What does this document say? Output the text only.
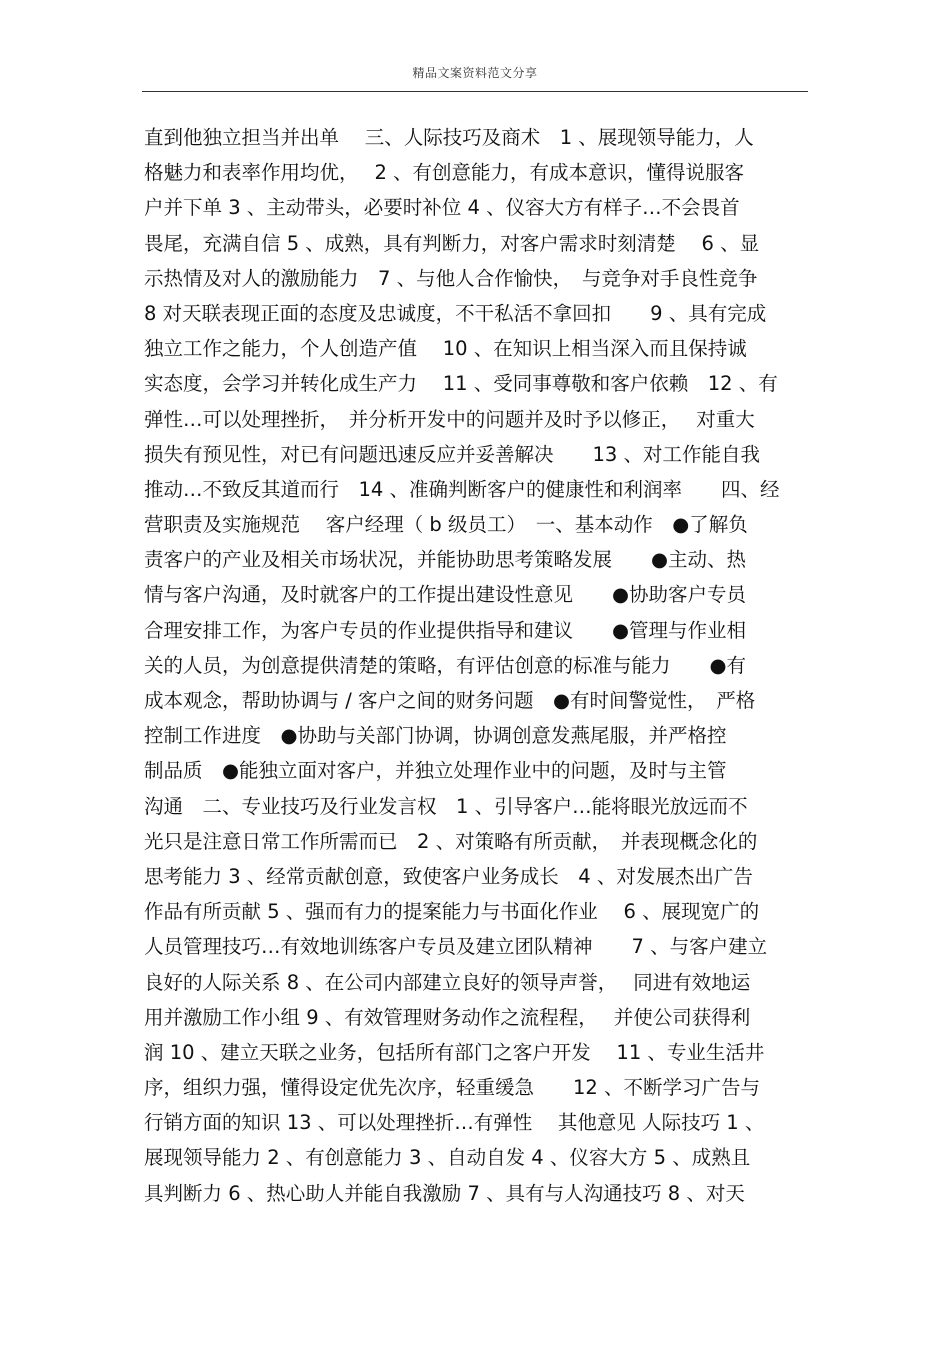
精品文案资料范文分享
直到他独立担当并出单　 三、人际技巧及商术　1 、展现领导能力，人
格魅力和表率作用均优，　 2 、有创意能力，有成本意识，懂得说服客
户并下单 3 、主动带头，必要时补位 4 、仪容大方有样子…不会畏首
畏尾，充满自信 5 、成熟，具有判断力，对客户需求时刻清楚　 6 、显
示热情及对人的激励能力　7 、与他人合作愉快，　与竞争对手良性竞争
8 对天联表现正面的态度及忠诚度，不干私活不拿回扣　　9 、具有完成
独立工作之能力，个人创造产值　 10 、在知识上相当深入而且保持诚
实态度，会学习并转化成生产力　 11 、受同事尊敬和客户依赖　12 、有
弹性…可以处理挫折，　并分析开发中的问题并及时予以修正，　 对重大
损失有预见性，对已有问题迅速反应并妥善解决　　13 、对工作能自我
推动…不致反其道而行　14 、准确判断客户的健康性和利润率　　四、经
营职责及实施规范　 客户经理（ b 级员工）　一、基本动作　●了解负
责客户的产业及相关市场状况，并能协助思考策略发展　　●主动、热
情与客户沟通，及时就客户的工作提出建设性意见　　●协助客户专员
合理安排工作，为客户专员的作业提供指导和建议　　●管理与作业相
关的人员，为创意提供清楚的策略，有评估创意的标准与能力　　●有
成本观念，帮助协调与 / 客户之间的财务问题　●有时间警觉性，　严格
控制工作进度　●协助与关部门协调，协调创意发燕尾服，并严格控
制品质　●能独立面对客户，并独立处理作业中的问题，及时与主管
沟通　二、专业技巧及行业发言权　1 、引导客户…能将眼光放远而不
光只是注意日常工作所需而已　2 、对策略有所贡献，　并表现概念化的
思考能力 3 、经常贡献创意，致使客户业务成长　4 、对发展杰出广告
作品有所贡献 5 、强而有力的提案能力与书面化作业　 6 、展现宽广的
人员管理技巧…有效地训练客户专员及建立团队精神　　7 、与客户建立
良好的人际关系 8 、在公司内部建立良好的领导声誉，　 同进有效地运
用并激励工作小组 9 、有效管理财务动作之流程程，　 并使公司获得利
润 10 、建立天联之业务，包括所有部门之客户开发　 11 、专业生活井
序，组织力强，懂得设定优先次序，轻重缓急　　12 、不断学习广告与
行销方面的知识 13 、可以处理挫折…有弹性　 其他意见 人际技巧 1 、
展现领导能力 2 、有创意能力 3 、自动自发 4 、仪容大方 5 、成熟且
具判断力 6 、热心助人并能自我激励 7 、具有与人沟通技巧 8 、对天
